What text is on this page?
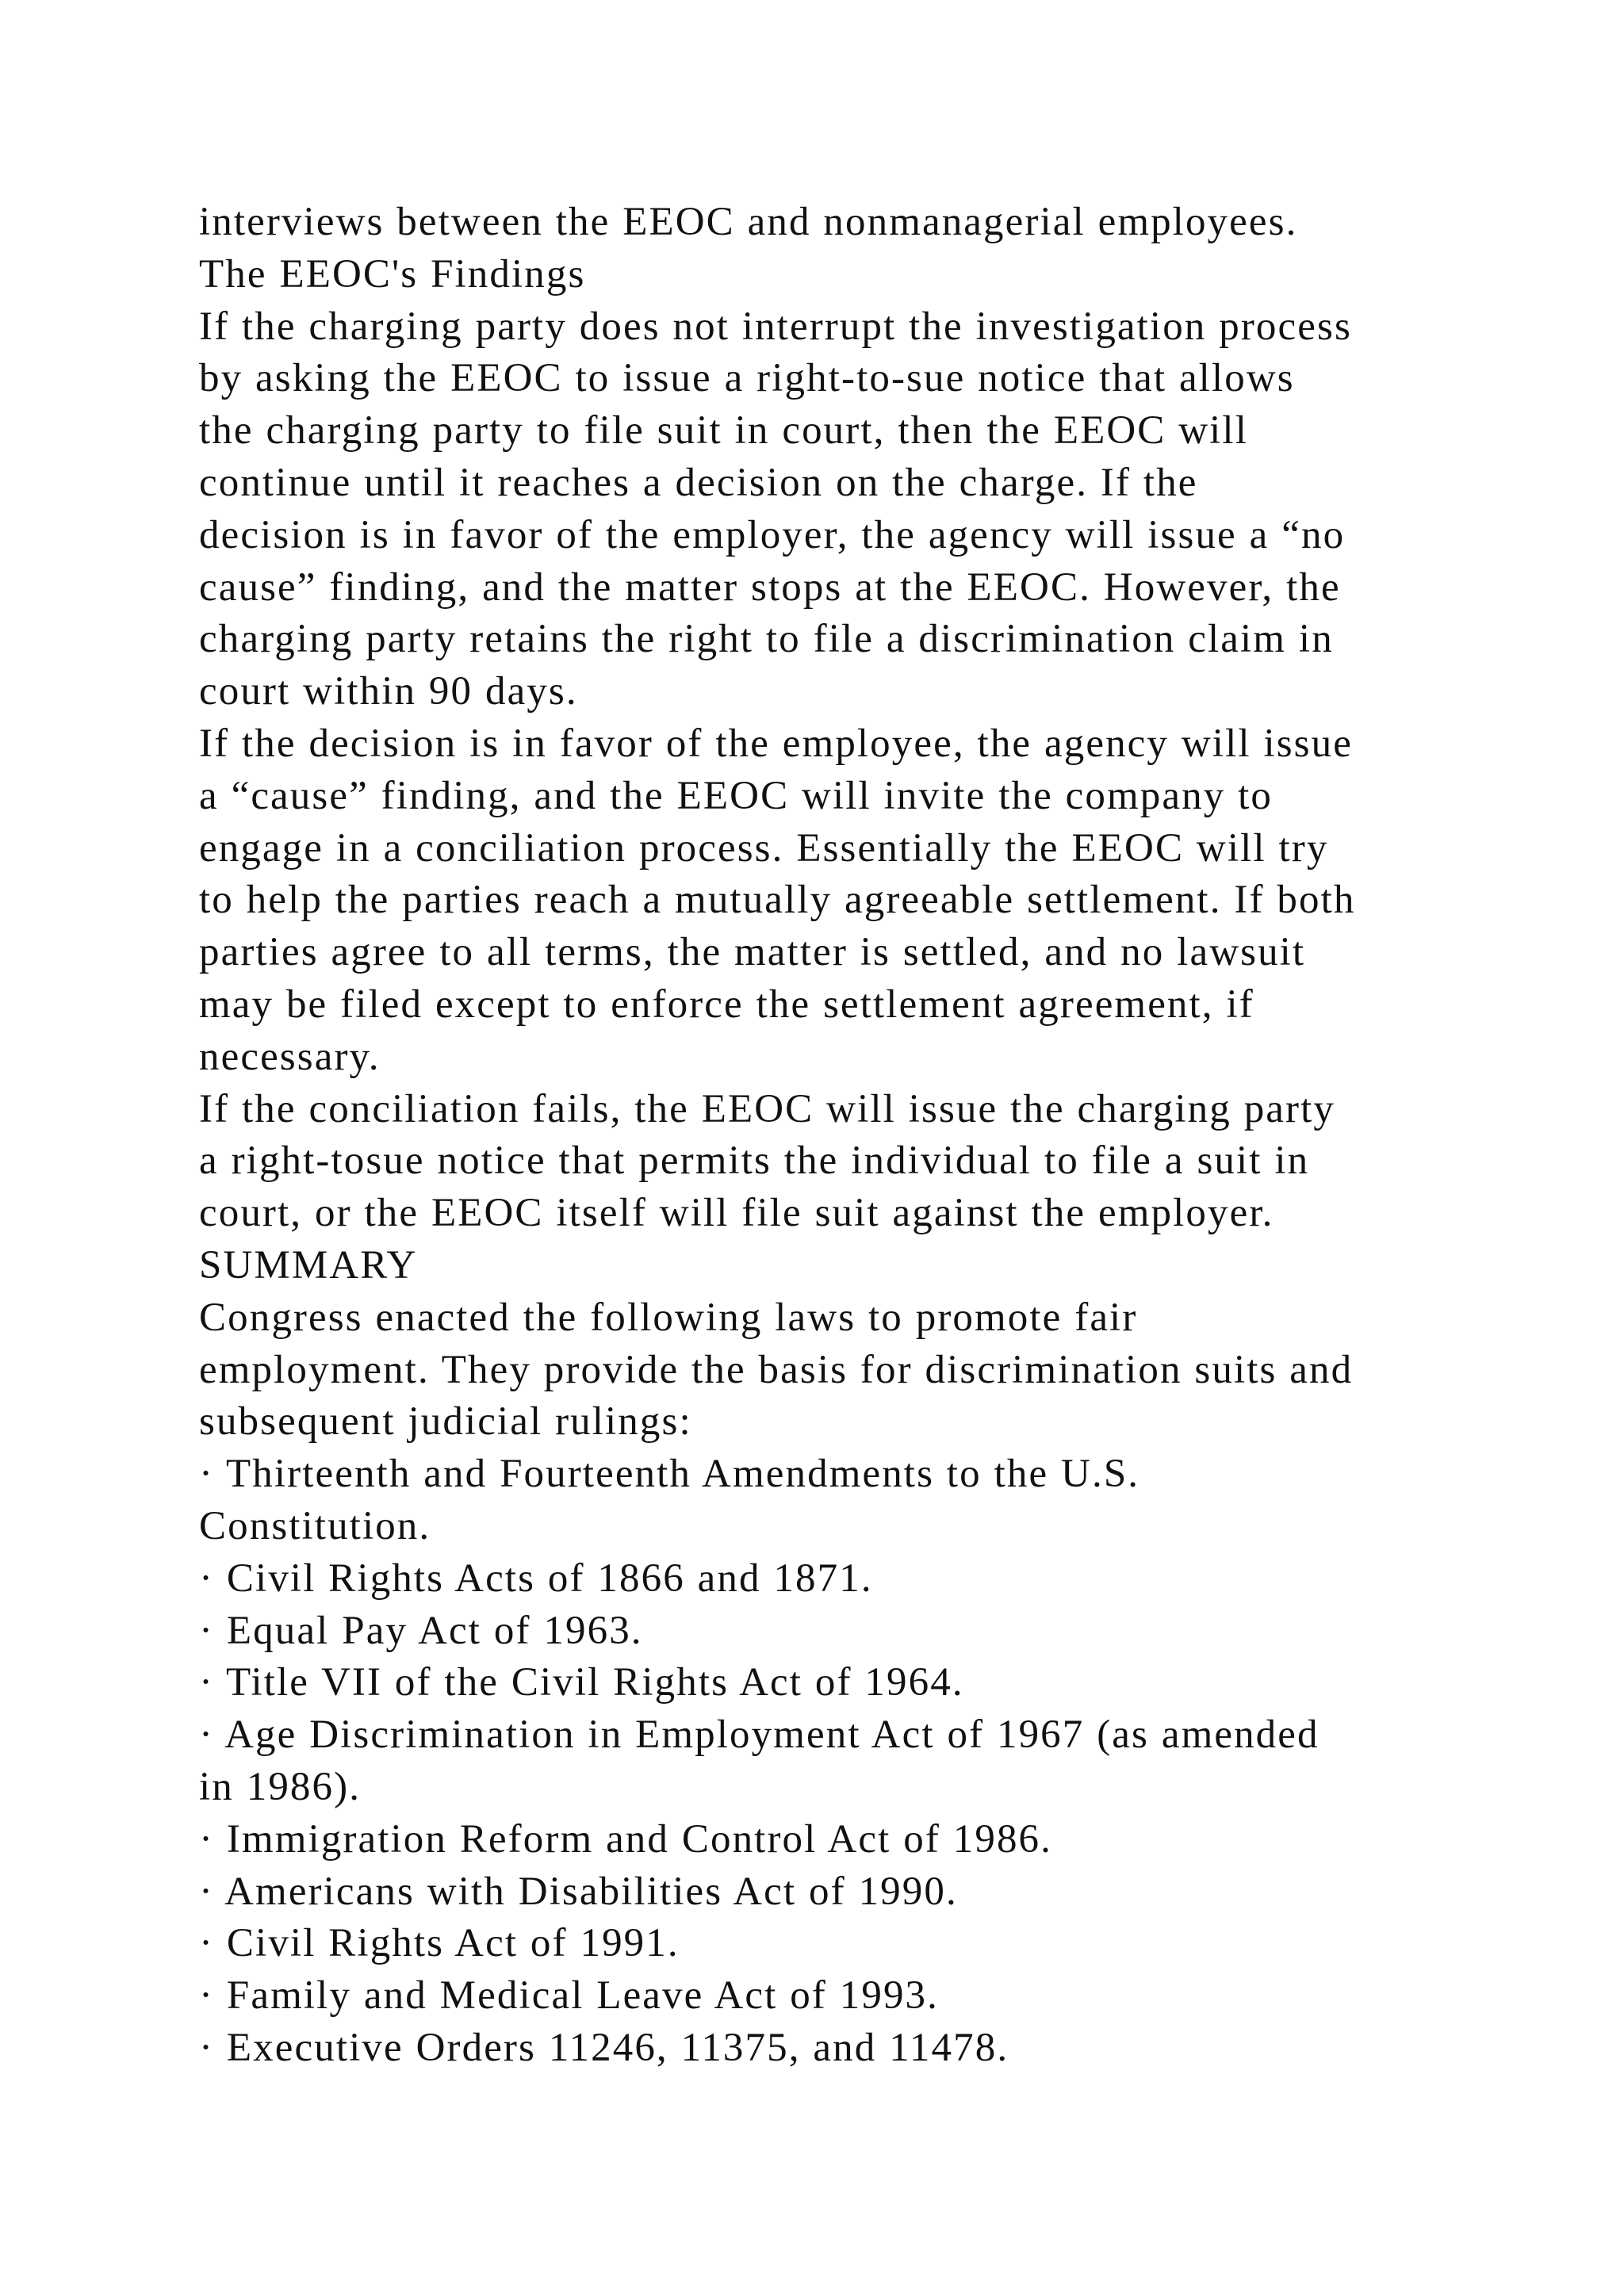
interviews between the EEOC and nonmanagerial employees.
The EEOC's Findings
If the charging party does not interrupt the investigation process
by asking the EEOC to issue a right-to-sue notice that allows
the charging party to file suit in court, then the EEOC will
continue until it reaches a decision on the charge. If the
decision is in favor of the employer, the agency will issue a “no
cause” finding, and the matter stops at the EEOC. However, the
charging party retains the right to file a discrimination claim in
court within 90 days.
If the decision is in favor of the employee, the agency will issue
a “cause” finding, and the EEOC will invite the company to
engage in a conciliation process. Essentially the EEOC will try
to help the parties reach a mutually agreeable settlement. If both
parties agree to all terms, the matter is settled, and no lawsuit
may be filed except to enforce the settlement agreement, if
necessary.
If the conciliation fails, the EEOC will issue the charging party
a right-tosue notice that permits the individual to file a suit in
court, or the EEOC itself will file suit against the employer.
SUMMARY
Congress enacted the following laws to promote fair
employment. They provide the basis for discrimination suits and
subsequent judicial rulings:
· Thirteenth and Fourteenth Amendments to the U.S.
Constitution.
· Civil Rights Acts of 1866 and 1871.
· Equal Pay Act of 1963.
· Title VII of the Civil Rights Act of 1964.
· Age Discrimination in Employment Act of 1967 (as amended
in 1986).
· Immigration Reform and Control Act of 1986.
· Americans with Disabilities Act of 1990.
· Civil Rights Act of 1991.
· Family and Medical Leave Act of 1993.
· Executive Orders 11246, 11375, and 11478.
